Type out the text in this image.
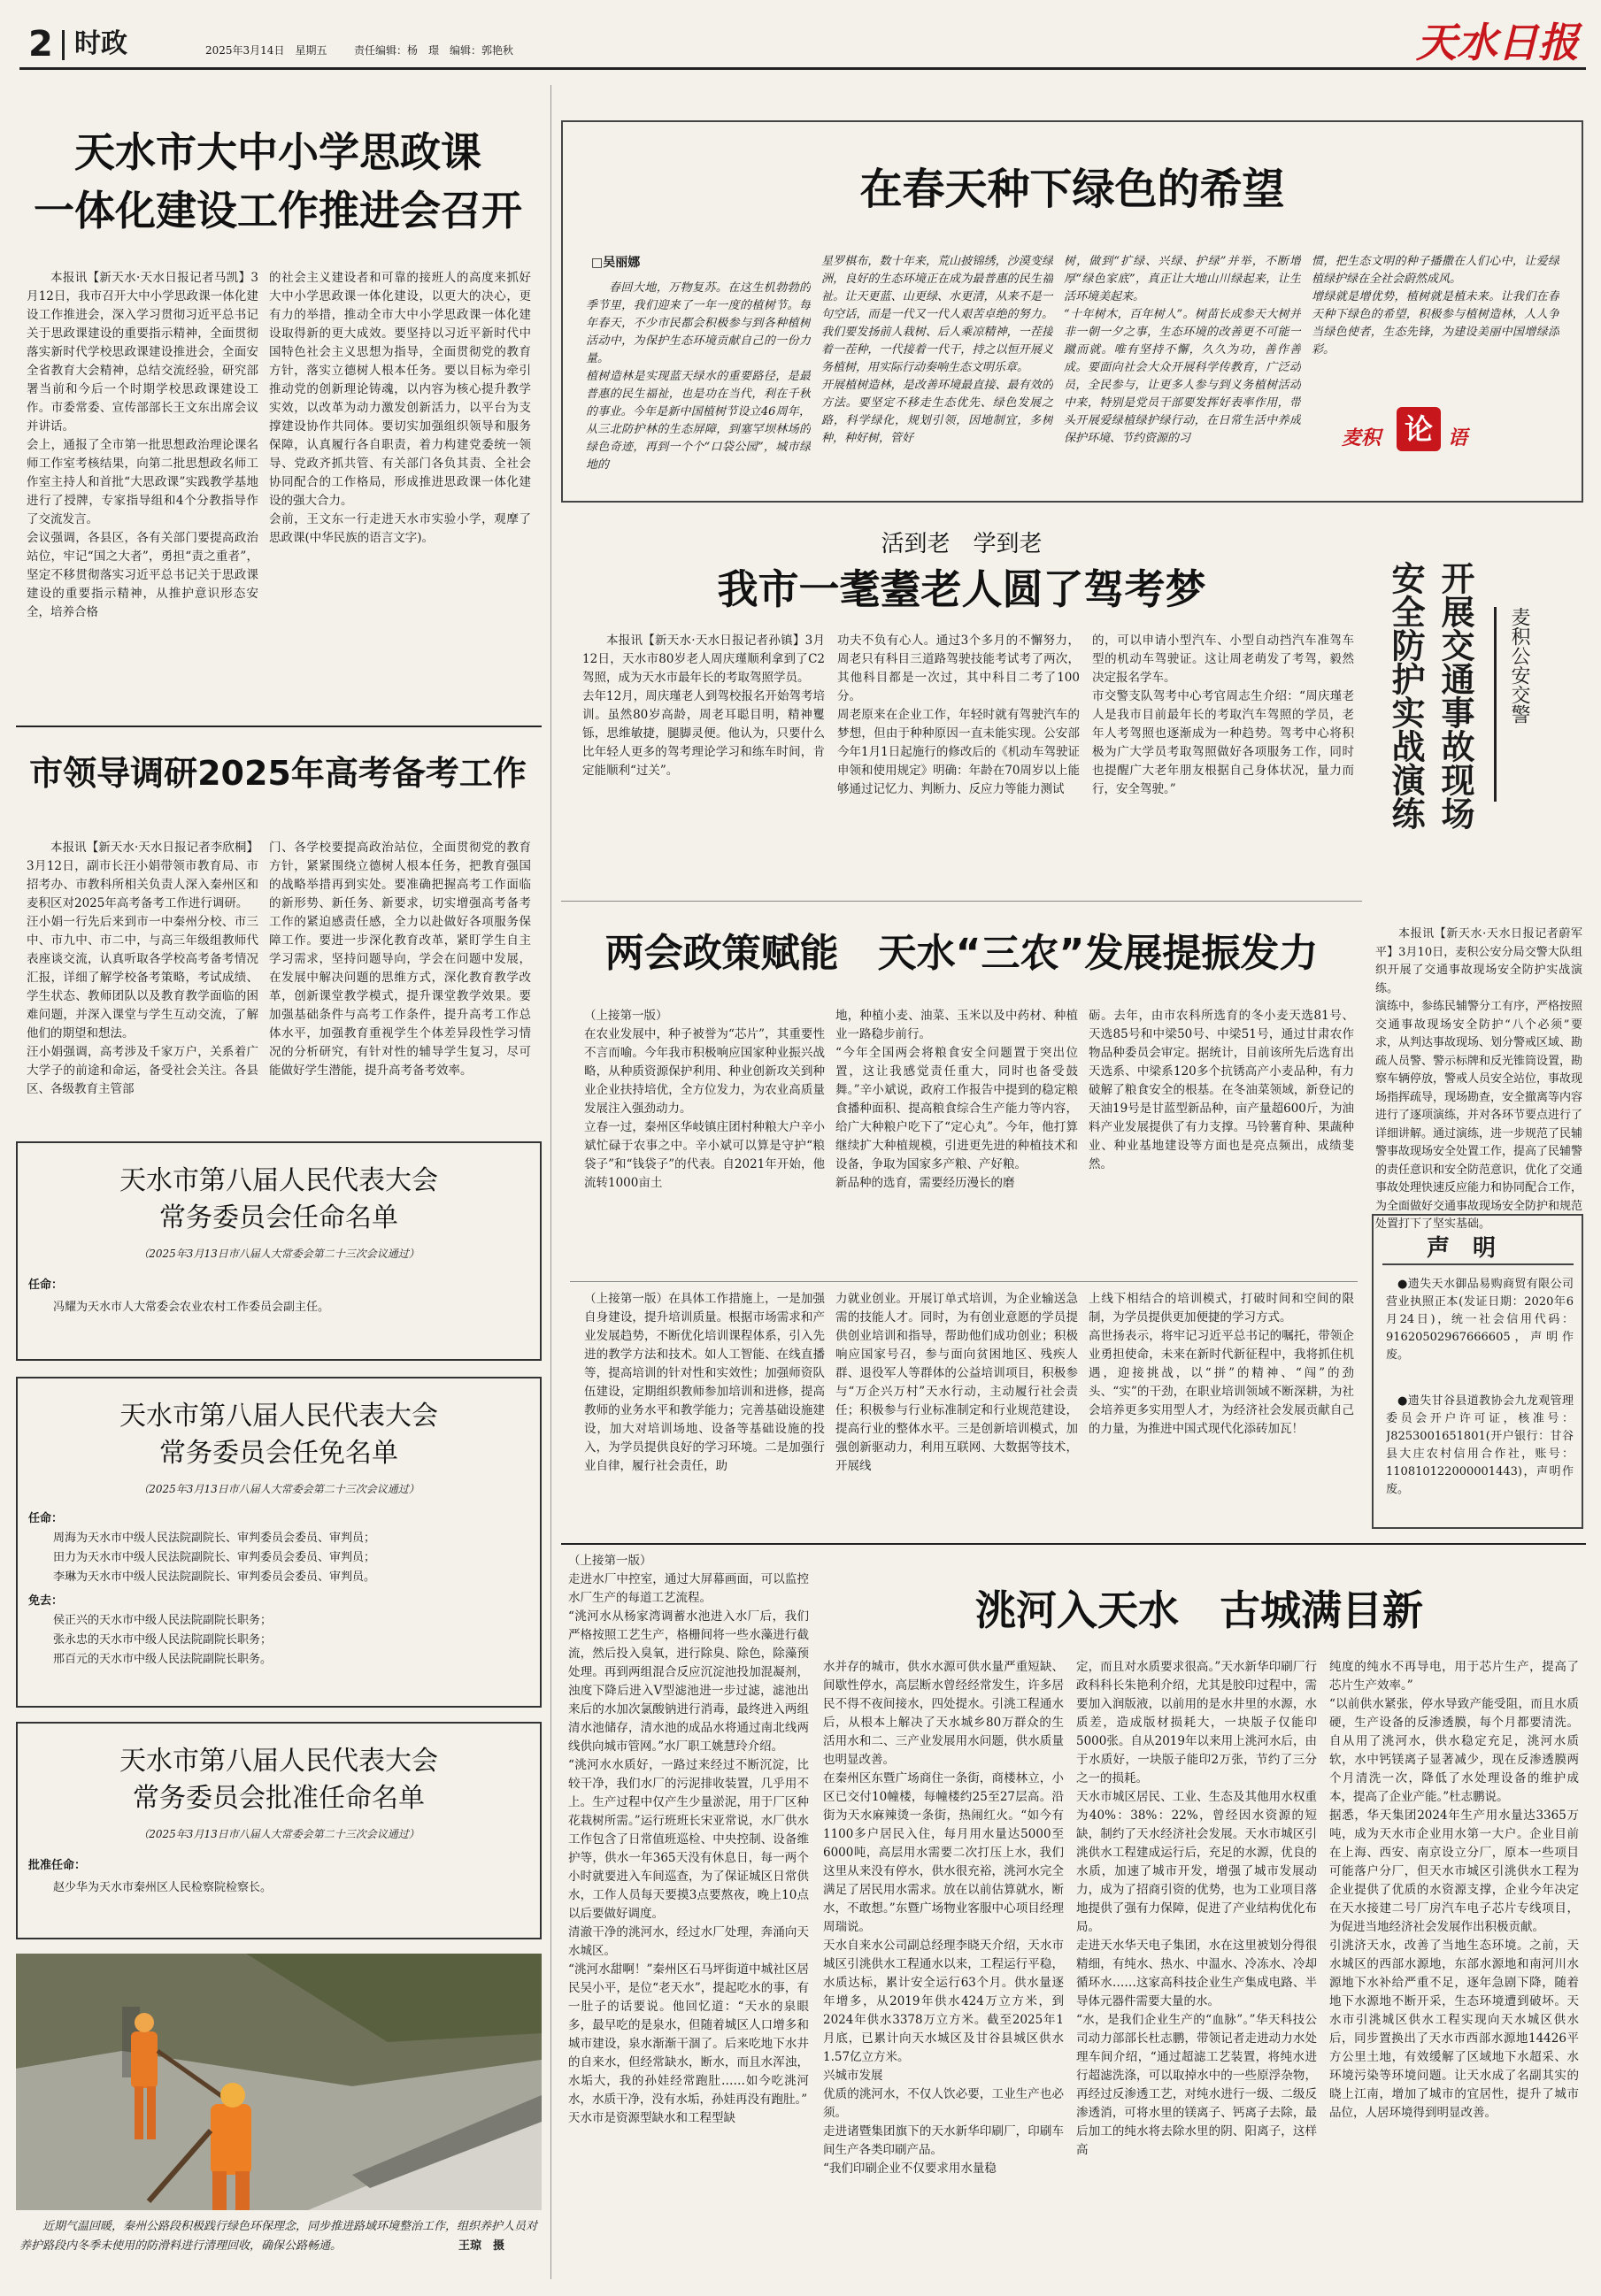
2 时政	2025年3月14日　星期五	责任编辑：杨　璟　编辑：郭艳秋	天水日报
天水市大中小学思政课
一体化建设工作推进会召开

本报讯【新天水·天水日报记者马凯】3月12日，我市召开大中小学思政课一体化建设工作推进会，深入学习贯彻习近平总书记关于思政课建设的重要指示精神，全面贯彻落实新时代学校思政课建设推进会，全面安全省教育大会精神，总结交流经验，研究部署当前和今后一个时期学校思政课建设工作。市委常委、宣传部部长王文东出席会议并讲话。
会上，通报了全市第一批思想政治理论课名师工作室考核结果，向第二批思想政名师工作室主持人和首批“大思政课”实践教学基地进行了授牌，专家指导组和4个分教指导作了交流发言。
会议强调，各县区，各有关部门要提高政治站位，牢记“国之大者”，勇担“责之重者”，坚定不移贯彻落实习近平总书记关于思政课建设的重要指示精神，从推护意识形态安全，培养合格

的社会主义建设者和可靠的接班人的高度来抓好大中小学思政课一体化建设，以更大的决心，更有力的举措，推动全市大中小学思政课一体化建设取得新的更大成效。要坚持以习近平新时代中国特色社会主义思想为指导，全面贯彻党的教育方针，落实立德树人根本任务。要以目标为牵引推动党的创新理论铸魂，以内容为核心提升教学实效，以改革为动力激发创新活力，以平台为支撑建设协作共同体。要切实加强组织领导和服务保障，认真履行各自职责，着力构建党委统一领导、党政齐抓共管、有关部门各负其责、全社会协同配合的工作格局，形成推进思政课一体化建设的强大合力。
会前，王文东一行走进天水市实验小学，观摩了思政课(中华民族的语言文字)。

市领导调研2025年高考备考工作

本报讯【新天水·天水日报记者李欣桐】3月12日，副市长汪小娟带领市教育局、市招考办、市教科所相关负责人深入秦州区和麦积区对2025年高考备考工作进行调研。
汪小娟一行先后来到市一中秦州分校、市三中、市九中、市二中，与高三年级组教师代表座谈交流，认真听取各学校高考备考情况汇报，详细了解学校备考策略，考试成绩、学生状态、教师团队以及教育教学面临的困难问题，并深入课堂与学生互动交流，了解他们的期望和想法。
汪小娟强调，高考涉及千家万户，关系着广大学子的前途和命运，备受社会关注。各县区、各级教育主管部

门、各学校要提高政治站位，全面贯彻党的教育方针，紧紧围绕立德树人根本任务，把教育强国的战略举措再到实处。要准确把握高考工作面临的新形势、新任务、新要求，切实增强高考备考工作的紧迫感责任感，全力以赴做好各项服务保障工作。要进一步深化教育改革，紧盯学生自主学习需求，坚持问题导向，学会在问题中发展，在发展中解决问题的思维方式，深化教育教学改革，创新课堂教学模式，提升课堂教学效果。要加强基础条件与高考工作条件，提升高考工作总体水平，加强教育重视学生个体差异段性学习情况的分析研究，有针对性的辅导学生复习，尽可能做好学生潜能，提升高考备考效率。

天水市第八届人民代表大会
常务委员会任命名单
（2025年3月13日市八届人大常委会第二十三次会议通过）
任命：
冯耀为天水市人大常委会农业农村工作委员会副主任。
天水市第八届人民代表大会
常务委员会任免名单
（2025年3月13日市八届人大常委会第二十三次会议通过）
任命：
周海为天水市中级人民法院副院长、审判委员会委员、审判员；
田力为天水市中级人民法院副院长、审判委员会委员、审判员；
李琳为天水市中级人民法院副院长、审判委员会委员、审判员。
免去：
侯正兴的天水市中级人民法院副院长职务；
张永忠的天水市中级人民法院副院长职务；
邢百元的天水市中级人民法院副院长职务。
天水市第八届人民代表大会
常务委员会批准任命名单
（2025年3月13日市八届人大常委会第二十三次会议通过）
批准任命：
赵少华为天水市秦州区人民检察院检察长。
近期气温回暖，秦州公路段积极践行绿色环保理念，同步推进路域环境整治工作，组织养护人员对养护路段内冬季未使用的防滑料进行清理回收，确保公路畅通。	王琼　摄
在春天种下绿色的希望
□吴丽娜

春回大地，万物复苏。在这生机勃勃的季节里，我们迎来了一年一度的植树节。每年春天，不少市民都会积极参与到各种植树活动中，为保护生态环境贡献自己的一份力量。
植树造林是实现蓝天绿水的重要路径，是最普惠的民生福祉，也是功在当代，利在千秋的事业。今年是新中国植树节设立46周年，从三北防护林的生态屏障，到塞罕坝林场的绿色奇迹，再到一个个“口袋公园”，城市绿地的

星罗棋布，数十年来，荒山披锦绣，沙漠变绿洲，良好的生态环境正在成为最普惠的民生福祉。让天更蓝、山更绿、水更清，从来不是一句空话，而是一代又一代人艰苦卓绝的努力。我们要发扬前人栽树、后人乘凉精神，一茬接着一茬种，一代接着一代干，持之以恒开展义务植树，用实际行动奏响生态文明乐章。
开展植树造林，是改善环境最直接、最有效的方法。要坚定不移走生态优先、绿色发展之路，科学绿化，规划引领，因地制宜，多树种，种好树，管好

树，做到“扩绿、兴绿、护绿”并举，不断增厚“绿色家底”，真正让大地山川绿起来，让生活环境美起来。
“十年树木，百年树人”。树苗长成参天大树并非一朝一夕之事，生态环境的改善更不可能一蹴而就。唯有坚持不懈，久久为功，善作善成。要面向社会大众开展科学传教育，广泛动员，全民参与，让更多人参与到义务植树活动中来，特别是党员干部要发挥好表率作用，带头开展爱绿植绿护绿行动，在日常生活中养成保护环境、节约资源的习

惯，把生态文明的种子播撒在人们心中，让爱绿植绿护绿在全社会蔚然成风。
增绿就是增优势，植树就是植未来。让我们在春天种下绿色的希望，积极参与植树造林，人人争当绿色使者，生态先锋，为建设美丽中国增绿添彩。

麦积 论 语
活到老　学到老
我市一耄耋老人圆了驾考梦

本报讯【新天水·天水日报记者孙镇】3月12日，天水市80岁老人周庆瑾顺利拿到了C2驾照，成为天水市最年长的考取驾照学员。
去年12月，周庆瑾老人到驾校报名开始驾考培训。虽然80岁高龄，周老耳聪目明，精神矍铄，思维敏捷，腿脚灵便。他认为，只要什么比年轻人更多的驾考理论学习和练车时间，肯定能顺利“过关”。

功夫不负有心人。通过3个多月的不懈努力，周老只有科目三道路驾驶技能考试考了两次，其他科目都是一次过，其中科目二考了100分。
周老原来在企业工作，年轻时就有驾驶汽车的梦想，但由于种种原因一直未能实现。公安部今年1月1日起施行的修改后的《机动车驾驶证申领和使用规定》明确：年龄在70周岁以上能够通过记忆力、判断力、反应力等能力测试

的，可以申请小型汽车、小型自动挡汽车准驾车型的机动车驾驶证。这让周老萌发了考驾，毅然决定报名学车。
市交警支队驾考中心考官周志生介绍：“周庆瑾老人是我市目前最年长的考取汽车驾照的学员，老年人考驾照也逐渐成为一种趋势。驾考中心将积极为广大学员考取驾照做好各项服务工作，同时也提醒广大老年朋友根据自己身体状况，量力而行，安全驾驶。”	安全防护实战演练 开展交通事故现场 麦积公安交警

本报讯【新天水·天水日报记者蔚军平】3月10日，麦积公安分局交警大队组织开展了交通事故现场安全防护实战演练。
演练中，参练民辅警分工有序，严格按照交通事故现场安全防护“八个必须”要求，从判达事故现场、划分警戒区域、勘疏人员警、警示标牌和反光锥筒设置，勘察车辆停放，警戒人员安全站位，事故现场指挥疏导，现场勘查，安全撤离等内容进行了逐项演练，并对各环节要点进行了详细讲解。通过演练，进一步规范了民辅警事故现场安全处置工作，提高了民辅警的责任意识和安全防范意识，优化了交通事故处理快速反应能力和协同配合工作，为全面做好交通事故现场安全防护和规范处置打下了坚实基础。

声　明

●遗失天水御品易购商贸有限公司营业执照正本(发证日期：2020年6月24日)，统一社会信用代码：91620502967666605，声明作废。

●遗失甘谷县道教协会九龙观管理委员会开户许可证，核准号：J8253001651801(开户银行：甘谷县大庄农村信用合作社，账号：110810122000001443)，声明作废。

两会政策赋能　天水“三农”发展提振发力

（上接第一版）
在农业发展中，种子被誉为“芯片”，其重要性不言而喻。今年我市积极响应国家种业振兴战略，从种质资源保护利用、种业创新攻关到种业企业扶持培优，全方位发力，为农业高质量发展注入强劲动力。
立春一过，秦州区华岐镇庄团村种粮大户辛小斌忙碌于农事之中。辛小斌可以算是守护“粮袋子”和“钱袋子”的代表。自2021年开始，他流转1000亩土

地，种植小麦、油菜、玉米以及中药材、种植业一路稳步前行。
“今年全国两会将粮食安全问题置于突出位置，这让我感觉责任重大，同时也备受鼓舞。”辛小斌说，政府工作报告中提到的稳定粮食播种面积、提高粮食综合生产能力等内容，给广大种粮户吃下了“定心丸”。今年，他打算继续扩大种植规模，引进更先进的种植技术和设备，争取为国家多产粮、产好粮。
新品种的选育，需要经历漫长的磨

砺。去年，由市农科所选育的冬小麦天选81号、天选85号和中梁50号、中梁51号，通过甘肃农作物品种委员会审定。据统计，目前该所先后选育出天选系、中梁系120多个抗锈高产小麦品种，有力破解了粮食安全的根基。在冬油菜领域，新登记的天油19号是甘蓝型新品种，亩产量超600斤，为油料产业发展提供了有力支撑。马铃薯育种、果蔬种业、种业基地建设等方面也是亮点频出，成绩斐然。

（上接第一版）在具体工作措施上，一是加强自身建设，提升培训质量。根据市场需求和产业发展趋势，不断优化培训课程体系，引入先进的教学方法和技术。如人工智能、在线直播等，提高培训的针对性和实效性；加强师资队伍建设，定期组织教师参加培训和进修，提高教师的业务水平和教学能力；完善基础设施建设，加大对培训场地、设备等基础设施的投入，为学员提供良好的学习环境。二是加强行业自律，履行社会责任，助

力就业创业。开展订单式培训，为企业输送急需的技能人才。同时，为有创业意愿的学员提供创业培训和指导，帮助他们成功创业；积极响应国家号召，参与面向贫困地区、残疾人群、退役军人等群体的公益培训项目，积极参与“万企兴万村”天水行动，主动履行社会责任；积极参与行业标准制定和行业规范建设，提高行业的整体水平。三是创新培训模式，加强创新驱动力，利用互联网、大数据等技术，开展线

上线下相结合的培训模式，打破时间和空间的限制，为学员提供更加便捷的学习方式。
高世扬表示，将牢记习近平总书记的嘱托，带领企业勇担使命，未来在新时代新征程中，我将抓住机遇，迎接挑战，以“拼”的精神、“闯”的劲头、“实”的干劲，在职业培训领域不断深耕，为社会培养更多实用型人才，为经济社会发展贡献自己的力量，为推进中国式现代化添砖加瓦！

（上接第一版）
走进水厂中控室，通过大屏幕画面，可以监控水厂生产的每道工艺流程。
“洮河水从杨家湾调蓄水池进入水厂后，我们严格按照工艺生产，格栅间将一些水藻进行截流，然后投入臭氧，进行除臭、除色，除藻预处理。再到两组混合反应沉淀池投加混凝剂，浊度下降后进入V型滤池进一步过滤，滤池出来后的水加次氯酸钠进行消毒，最终进入两组清水池储存，清水池的成品水将通过南北线两线供向城市管网。”水厂职工姚慧玲介绍。
“洮河水水质好，一路过来经过不断沉淀，比较干净，我们水厂的污泥排收装置，几乎用不上。生产过程中仅产生少量淤泥，用于厂区种花栽树所需。”运行班班长宋亚常说，水厂供水工作包含了日常值班巡检、中央控制、设备维护等，供水一年365天没有休息日，每一两个小时就要进入车间巡查，为了保证城区日常供水，工作人员每天要摸3点要熬夜，晚上10点以后要做好调度。
清澈干净的洮河水，经过水厂处理，奔涌向天水城区。
“洮河水甜啊！”秦州区石马坪街道中城社区居民吴小平，是位“老天水”，提起吃水的事，有一肚子的话要说。他回忆道：“天水的泉眼多，最早吃的是泉水，但随着城区人口增多和城市建设，泉水渐渐干涸了。后来吃地下水井的自来水，但经常缺水，断水，而且水浑浊，水垢大，我的孙娃经常跑肚……如今吃洮河水，水质干净，没有水垢，孙娃再没有跑肚。”
天水市是资源型缺水和工程型缺

洮河入天水　古城满目新

水并存的城市，供水水源可供水量严重短缺、间歇性停水，高层断水曾经经常发生，许多居民不得不夜间接水，四处提水。引洮工程通水后，从根本上解决了天水城乡80万群众的生活用水和二、三产业发展用水问题，供水质量也明显改善。
在秦州区东暨广场商住一条街，商楼林立，小区已交付10幢楼，每幢楼约25至27层高。沿街为天水麻辣烫一条街，热闹红火。“如今有1100多户居民入住，每月用水量达5000至6000吨，高层用水需要二次打压上水，我们这里从来没有停水，供水很充裕，洮河水完全满足了居民用水需求。放在以前估算就水，断水，不敢想。”东暨广场物业客服中心项目经理周瑞说。
天水自来水公司副总经理李晓天介绍，天水市城区引洮供水工程通水以来，工程运行平稳，水质达标，累计安全运行63个月。供水量逐年增多，从2019年供水424万立方米，到2024年供水3378万立方米。截至2025年1月底，已累计向天水城区及甘谷县城区供水1.57亿立方米。
兴城市发展
优质的洮河水，不仅人饮必要，工业生产也必须。
走进诸暨集团旗下的天水新华印刷厂，印刷车间生产各类印刷产品。
“我们印刷企业不仅要求用水量稳

定，而且对水质要求很高。”天水新华印刷厂行政科科长朱艳利介绍，尤其是胶印过程中，需要加入润版液，以前用的是水井里的水源，水质差，造成版材损耗大，一块版子仅能印5000张。自从2019年以来用上洮河水后，由于水质好，一块版子能印2万张，节约了三分之一的损耗。
天水市城区居民、工业、生态及其他用水权重为40%：38%：22%，曾经因水资源的短缺，制约了天水经济社会发展。天水市城区引洮供水工程建成运行后，充足的水源，优良的水质，加速了城市开发，增强了城市发展动力，成为了招商引资的优势，也为工业项目落地提供了强有力保障，促进了产业结构优化布局。
走进天水华天电子集团，水在这里被划分得很精细，有纯水、热水、中温水、冷冻水、冷却循环水……这家高科技企业生产集成电路、半导体元器件需要大量的水。
“水，是我们企业生产的“血脉”。”华天科技公司动力部部长杜志鹏，带领记者走进动力水处理车间介绍，“通过超滤工艺装置，将纯水进行超滤洗涤，可以取掉水中的一些原浮杂物，再经过反渗透工艺，对纯水进行一级、二级反渗透消，可将水里的镁离子、钙离子去除，最后加工的纯水将去除水里的阴、阳离子，这样高

纯度的纯水不再导电，用于芯片生产，提高了芯片生产效率。”
“以前供水紧张，停水导致产能受阻，而且水质硬，生产设备的反渗透膜，每个月都要清洗。自从用了洮河水，供水稳定充足，洮河水质软，水中钙镁离子显著减少，现在反渗透膜两个月清洗一次，降低了水处理设备的维护成本，提高了企业产能。”杜志鹏说。
据悉，华天集团2024年生产用水量达3365万吨，成为天水市企业用水第一大户。企业目前在上海、西安、南京设立分厂，原本一些项目可能落户分厂，但天水市城区引洮供水工程为企业提供了优质的水资源支撑，企业今年决定在天水接建二号厂房汽车电子芯片专线项目，为促进当地经济社会发展作出积极贡献。
引洮济天水，改善了当地生态环境。之前，天水城区的西部水源地，东部水源地和南河川水源地下水补给严重不足，逐年急剧下降，随着地下水源地不断开采，生态环境遭到破坏。天水市引洮城区供水工程实现向天水城区供水后，同步置换出了天水市西部水源地14426平方公里土地，有效缓解了区域地下水超采、水环境污染等环境问题。让天水成了名副其实的晓上江南，增加了城市的宜居性，提升了城市品位，人居环境得到明显改善。
